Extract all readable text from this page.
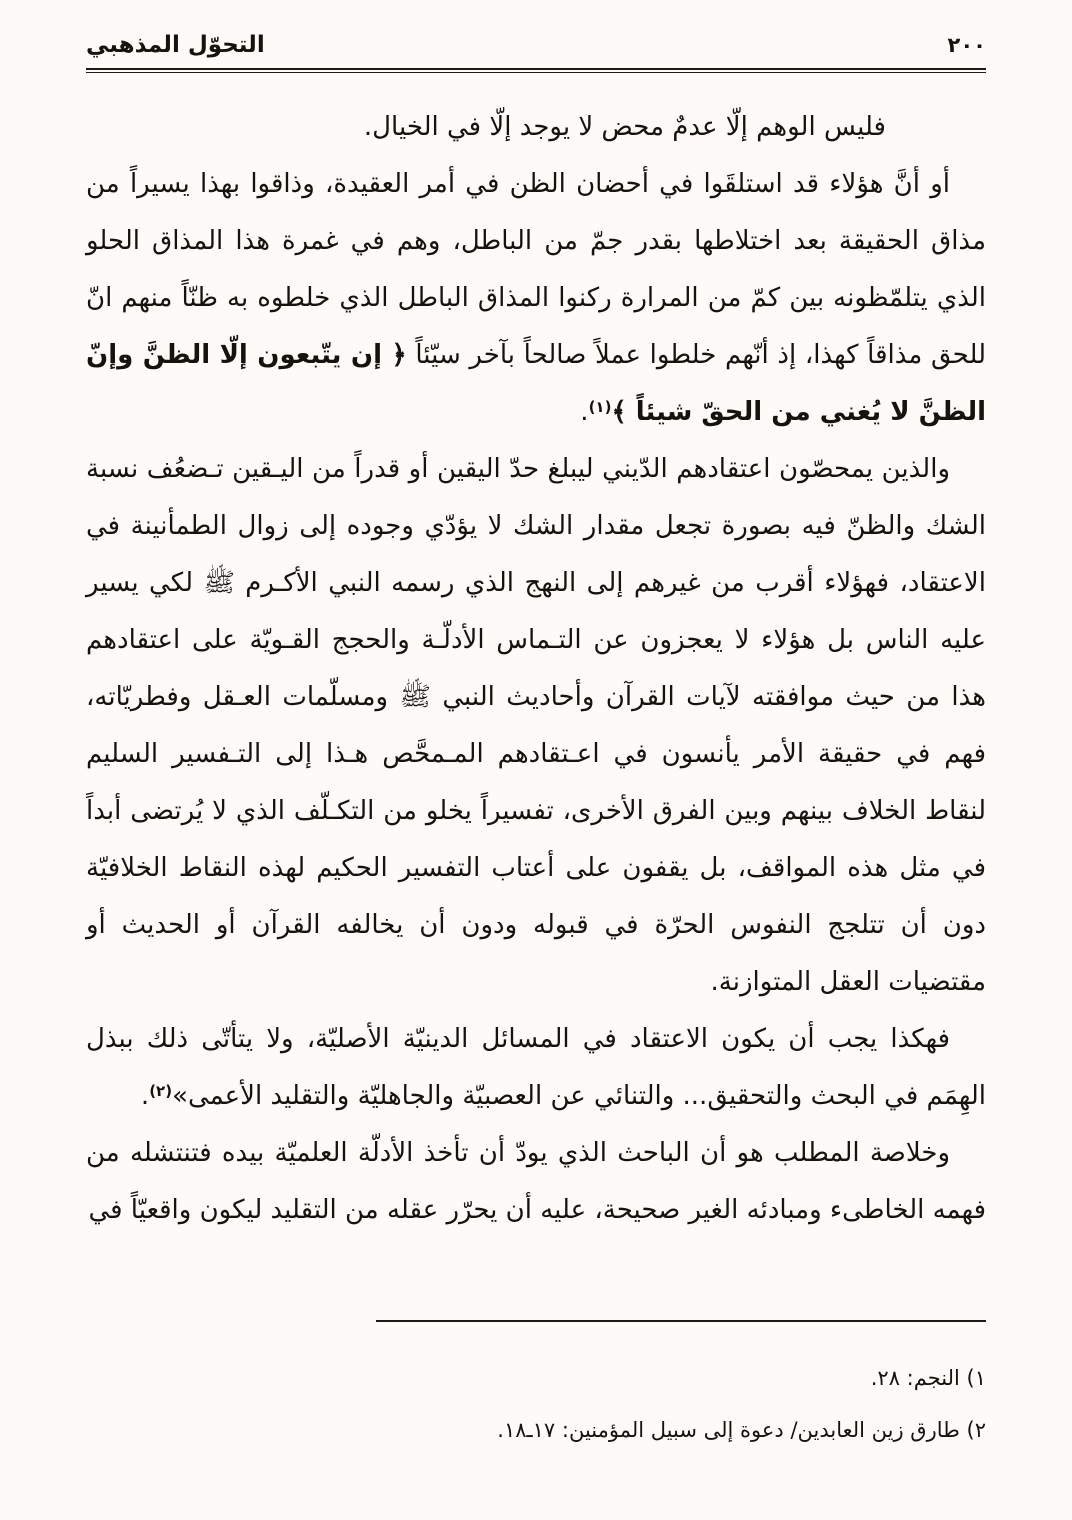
٢٠٠
التحوّل المذهبي

فليس الوهم إلّا عدمٌ محض لا يوجد إلّا في الخيال.

أو أنَّ هؤلاء قد استلقَوا في أحضان الظن في أمر العقيدة، وذاقوا بهذا يسيراً من مذاق الحقيقة بعد اختلاطها بقدر جمّ من الباطل، وهم في غمرة هذا المذاق الحلو الذي يتلمّظونه بين كمّ من المرارة ركنوا المذاق الباطل الذي خلطوه به ظنّاً منهم انّ للحق مذاقاً كهذا، إذ أنّهم خلطوا عملاً صالحاً بآخر سيّئاً ﴿ إن يتّبعون إلّا الظنَّ وإنّ الظنَّ لا يُغني من الحقّ شيئاً ﴾$^{(١)}$.

والذين يمحصّون اعتقادهم الدّيني ليبلغ حدّ اليقين أو قدراً من اليـقين تـضعُف نسبة الشك والظنّ فيه بصورة تجعل مقدار الشك لا يؤدّي وجوده إلى زوال الطمأنينة في الاعتقاد، فهؤلاء أقرب من غيرهم إلى النهج الذي رسمه النبي الأكـرم ﷺ لكي يسير عليه الناس بل هؤلاء لا يعجزون عن التـماس الأدلّـة والحجج القـويّة على اعتقادهم هذا من حيث موافقته لآيات القرآن وأحاديث النبي ﷺ ومسلّمات العـقل وفطريّاته، فهم في حقيقة الأمر يأنسون في اعـتقادهم المـمحَّص هـذا إلى التـفسير السليم لنقاط الخلاف بينهم وبين الفرق الأخرى، تفسيراً يخلو من التكـلّف الذي لا يُرتضى أبداً في مثل هذه المواقف، بل يقفون على أعتاب التفسير الحكيم لهذه النقاط الخلافيّة دون أن تتلجج النفوس الحرّة في قبوله ودون أن يخالفه القرآن أو الحديث أو مقتضيات العقل المتوازنة.

فهكذا يجب أن يكون الاعتقاد في المسائل الدينيّة الأصليّة، ولا يتأتّى ذلك ببذل الهِمَم في البحث والتحقيق... والتنائي عن العصبيّة والجاهليّة والتقليد الأعمى»$^{(٢)}$.

وخلاصة المطلب هو أن الباحث الذي يودّ أن تأخذ الأدلّة العلميّة بيده فتنتشله من فهمه الخاطىء ومبادئه الغير صحيحة، عليه أن يحرّر عقله من التقليد ليكون واقعيّاً في

١) النجم: ٢٨.

٢) طارق زين العابدين/ دعوة إلى سبيل المؤمنين: ١٧ـ١٨.
